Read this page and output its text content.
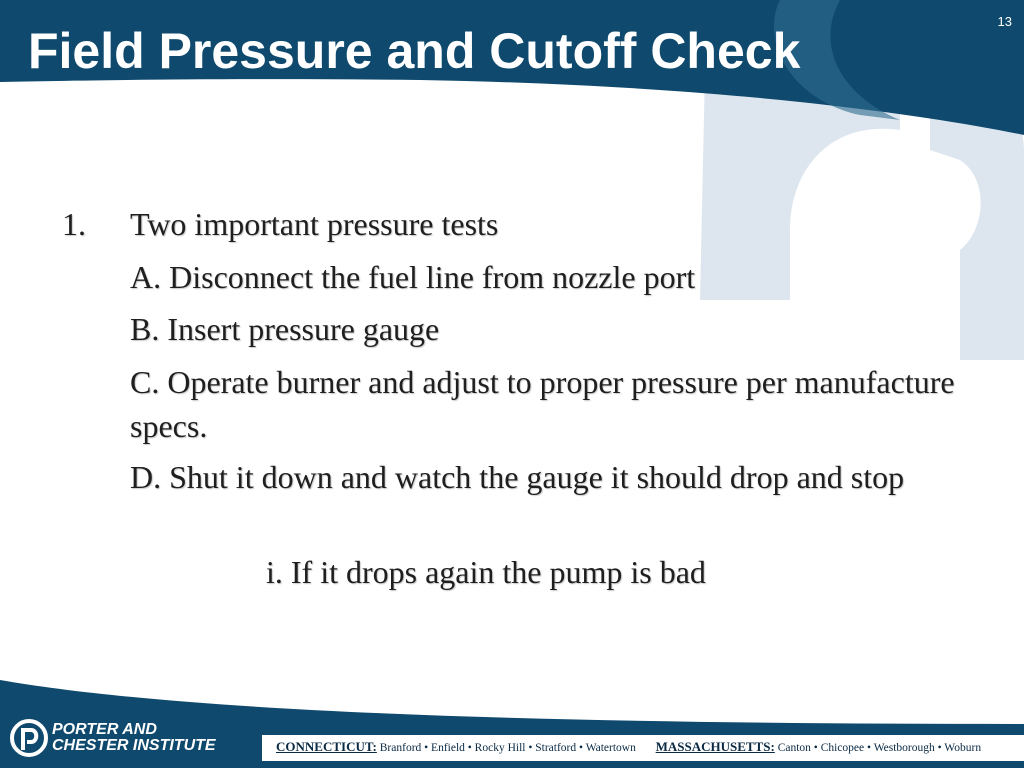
Field Pressure and Cutoff Check
13
1. Two important pressure tests
A. Disconnect the fuel line from nozzle port
B. Insert pressure gauge
C. Operate burner and adjust to proper pressure per manufacture specs.
D. Shut it down and watch the gauge it should drop and stop
i. If it drops again the pump is bad
PORTER AND
CHESTER INSTITUTE	CONNECTICUT: Branford • Enfield • Rocky Hill • Stratford • Watertown MASSACHUSETTS: Canton • Chicopee • Westborough • Woburn
